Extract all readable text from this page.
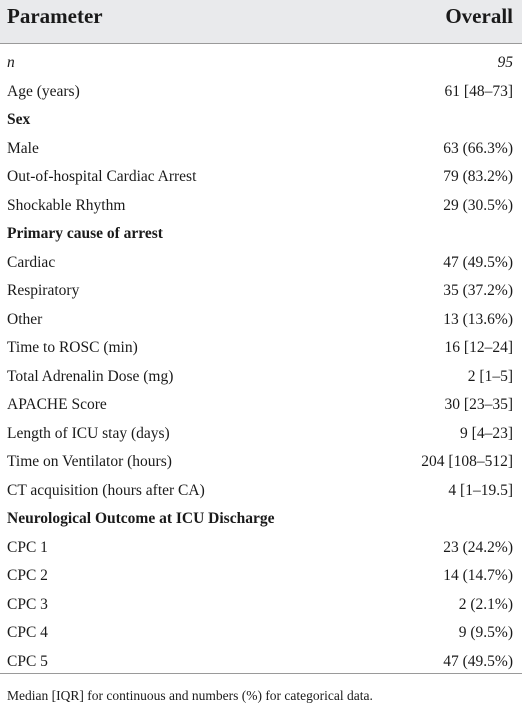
Parameter	Overall
n	95
Age (years)	61 [48–73]
Sex
Male	63 (66.3%)
Out-of-hospital Cardiac Arrest	79 (83.2%)
Shockable Rhythm	29 (30.5%)
Primary cause of arrest
Cardiac	47 (49.5%)
Respiratory	35 (37.2%)
Other	13 (13.6%)
Time to ROSC (min)	16 [12–24]
Total Adrenalin Dose (mg)	2 [1–5]
APACHE Score	30 [23–35]
Length of ICU stay (days)	9 [4–23]
Time on Ventilator (hours)	204 [108–512]
CT acquisition (hours after CA)	4 [1–19.5]
Neurological Outcome at ICU Discharge
CPC 1	23 (24.2%)
CPC 2	14 (14.7%)
CPC 3	2 (2.1%)
CPC 4	9 (9.5%)
CPC 5	47 (49.5%)
Median [IQR] for continuous and numbers (%) for categorical data.
